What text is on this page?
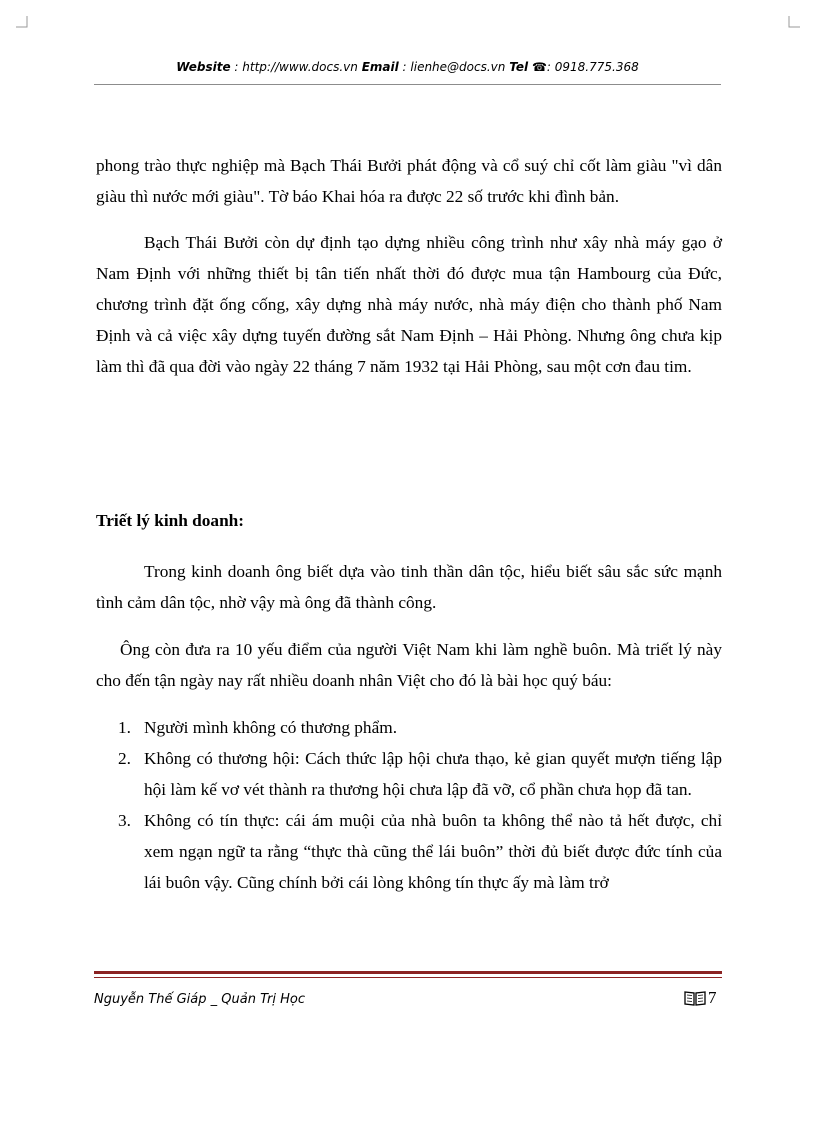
Website : http://www.docs.vn Email : lienhe@docs.vn Tel ☎: 0918.775.368

phong trào thực nghiệp mà Bạch Thái Bưởi phát động và cổ suý chỉ cốt làm giàu "vì dân giàu thì nước mới giàu". Tờ báo Khai hóa ra được 22 số trước khi đình bản.

Bạch Thái Bưởi còn dự định tạo dựng nhiều công trình như xây nhà máy gạo ở Nam Định với những thiết bị tân tiến nhất thời đó được mua tận Hambourg của Đức, chương trình đặt ống cống, xây dựng nhà máy nước, nhà máy điện cho thành phố Nam Định và cả việc xây dựng tuyến đường sắt Nam Định – Hải Phòng. Nhưng ông chưa kịp làm thì đã qua đời vào ngày 22 tháng 7 năm 1932 tại Hải Phòng, sau một cơn đau tim.

Triết lý kinh doanh:

Trong kinh doanh ông biết dựa vào tinh thần dân tộc, hiểu biết sâu sắc sức mạnh tình cảm dân tộc, nhờ vậy mà ông đã thành công.

Ông còn đưa ra 10 yếu điểm của người Việt Nam khi làm nghề buôn. Mà triết lý này cho đến tận ngày nay rất nhiều doanh nhân Việt cho đó là bài học quý báu:

1. Người mình không có thương phẩm.
2. Không có thương hội: Cách thức lập hội chưa thạo, kẻ gian quyết mượn tiếng lập hội làm kế vơ vét thành ra thương hội chưa lập đã vỡ, cổ phần chưa họp đã tan.
3. Không có tín thực: cái ám muội của nhà buôn ta không thể nào tả hết được, chỉ xem ngạn ngữ ta rằng “thực thà cũng thể lái buôn” thời đủ biết được đức tính của lái buôn vậy. Cũng chính bởi cái lòng không tín thực ấy mà làm trở
Nguyễn Thế Giáp _ Quản Trị Học	7
